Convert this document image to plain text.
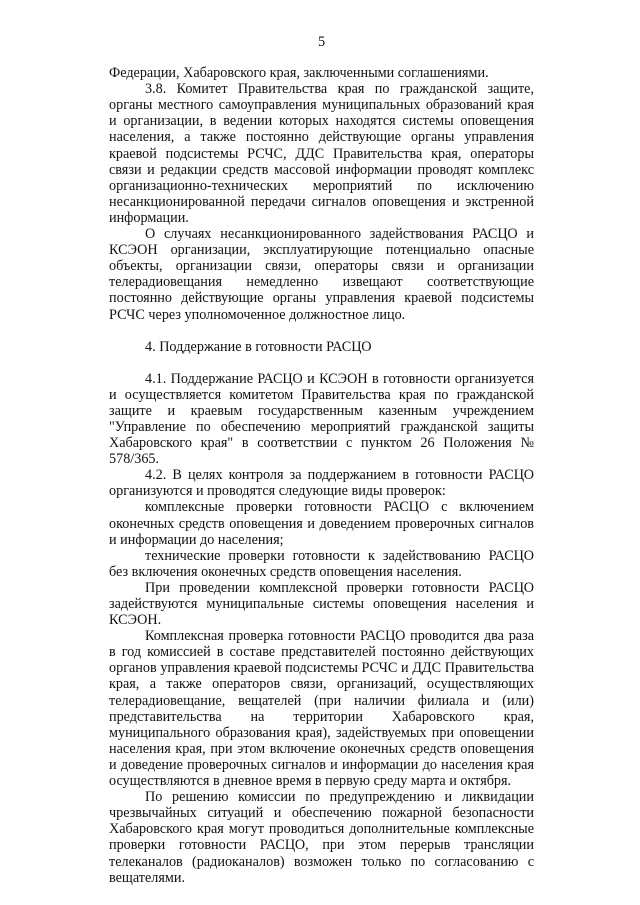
5

Федерации, Хабаровского края, заключенными соглашениями.

3.8. Комитет Правительства края по гражданской защите, органы местного самоуправления муниципальных образований края и организации, в ведении которых находятся системы оповещения населения, а также постоянно действующие органы управления краевой подсистемы РСЧС, ДДС Правительства края, операторы связи и редакции средств массовой информации проводят комплекс организационно-технических мероприятий по исключению несанкционированной передачи сигналов оповещения и экстренной информации.

О случаях несанкционированного задействования РАСЦО и КСЭОН организации, эксплуатирующие потенциально опасные объекты, организации связи, операторы связи и организации телерадиовещания немедленно извещают соответствующие постоянно действующие органы управления краевой подсистемы РСЧС через уполномоченное должностное лицо.

4. Поддержание в готовности РАСЦО

4.1. Поддержание РАСЦО и КСЭОН в готовности организуется и осуществляется комитетом Правительства края по гражданской защите и краевым государственным казенным учреждением "Управление по обеспечению мероприятий гражданской защиты Хабаровского края" в соответствии с пунктом 26 Положения № 578/365.

4.2. В целях контроля за поддержанием в готовности РАСЦО организуются и проводятся следующие виды проверок:

комплексные проверки готовности РАСЦО с включением оконечных средств оповещения и доведением проверочных сигналов и информации до населения;

технические проверки готовности к задействованию РАСЦО без включения оконечных средств оповещения населения.

При проведении комплексной проверки готовности РАСЦО задействуются муниципальные системы оповещения населения и КСЭОН.

Комплексная проверка готовности РАСЦО проводится два раза в год комиссией в составе представителей постоянно действующих органов управления краевой подсистемы РСЧС и ДДС Правительства края, а также операторов связи, организаций, осуществляющих телерадиовещание, вещателей (при наличии филиала и (или) представительства на территории Хабаровского края, муниципального образования края), задействуемых при оповещении населения края, при этом включение оконечных средств оповещения и доведение проверочных сигналов и информации до населения края осуществляются в дневное время в первую среду марта и октября.

По решению комиссии по предупреждению и ликвидации чрезвычайных ситуаций и обеспечению пожарной безопасности Хабаровского края могут проводиться дополнительные комплексные проверки готовности РАСЦО, при этом перерыв трансляции телеканалов (радиоканалов) возможен только по согласованию с вещателями.
